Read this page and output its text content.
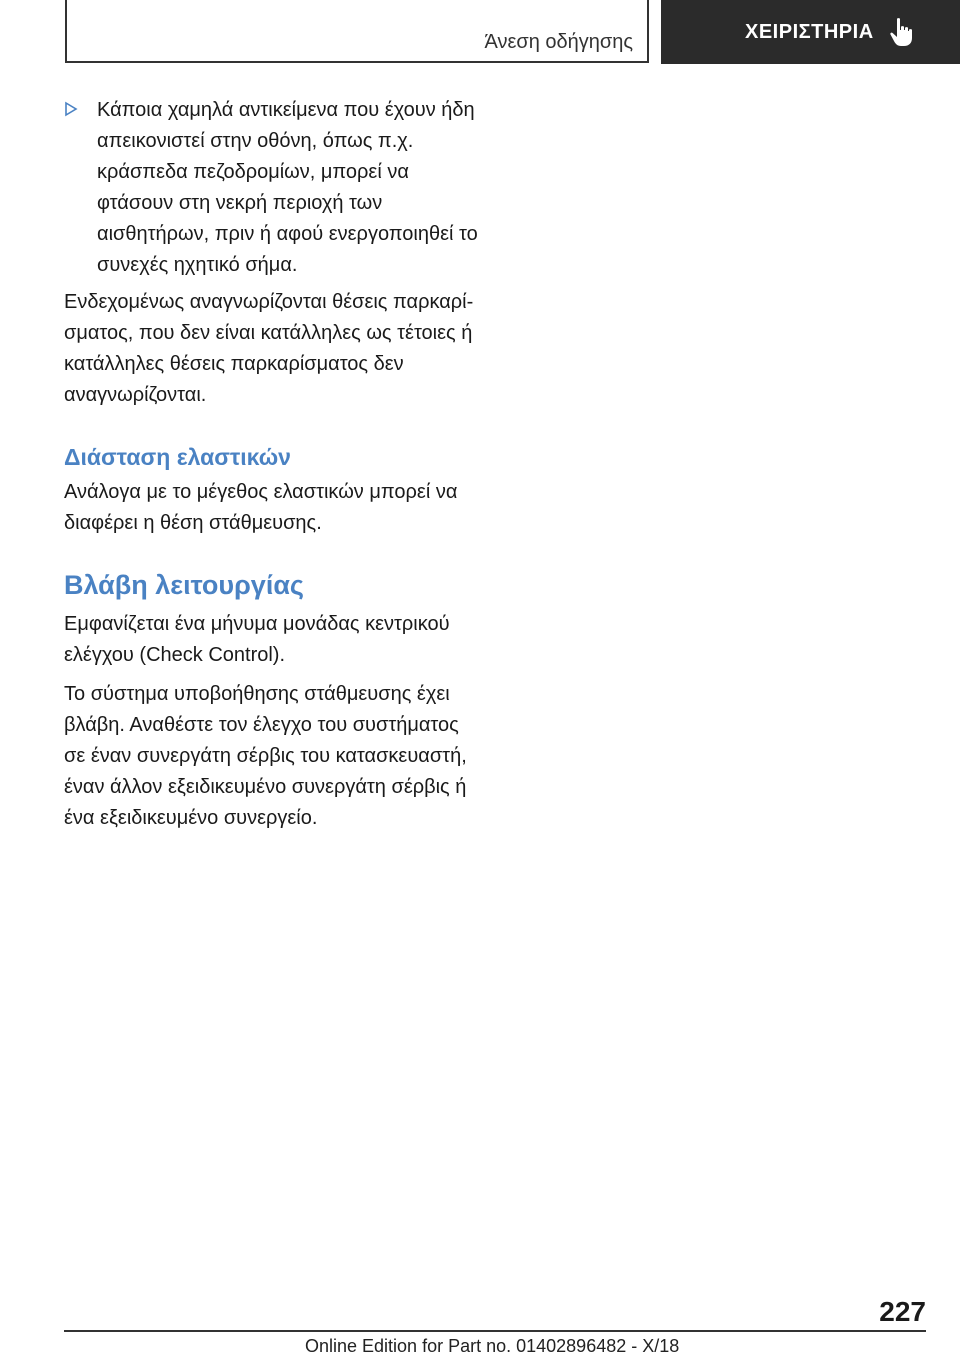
Άνεση οδήγησης	ΧΕΙΡΙΣΤΗΡΙΑ
Κάποια χαμηλά αντικείμενα που έχουν ήδη απεικονιστεί στην οθόνη, όπως π.χ. κράσπεδα πεζοδρομίων, μπορεί να φτάσουν στη νεκρή περιοχή των αισθητήρων, πριν ή αφού ενεργοποιηθεί το συνεχές ηχητικό σήμα.

Ενδεχομένως αναγνωρίζονται θέσεις παρκαρίσματος, που δεν είναι κατάλληλες ως τέτοιες ή κατάλληλες θέσεις παρκαρίσματος δεν αναγνωρίζονται.

Διάσταση ελαστικών

Ανάλογα με το μέγεθος ελαστικών μπορεί να διαφέρει η θέση στάθμευσης.

Βλάβη λειτουργίας

Εμφανίζεται ένα μήνυμα μονάδας κεντρικού ελέγχου (Check Control).

Το σύστημα υποβοήθησης στάθμευσης έχει βλάβη. Αναθέστε τον έλεγχο του συστήματος σε έναν συνεργάτη σέρβις του κατασκευαστή, έναν άλλον εξειδικευμένο συνεργάτη σέρβις ή ένα εξειδικευμένο συνεργείο.

227
Online Edition for Part no. 01402896482 - X/18
